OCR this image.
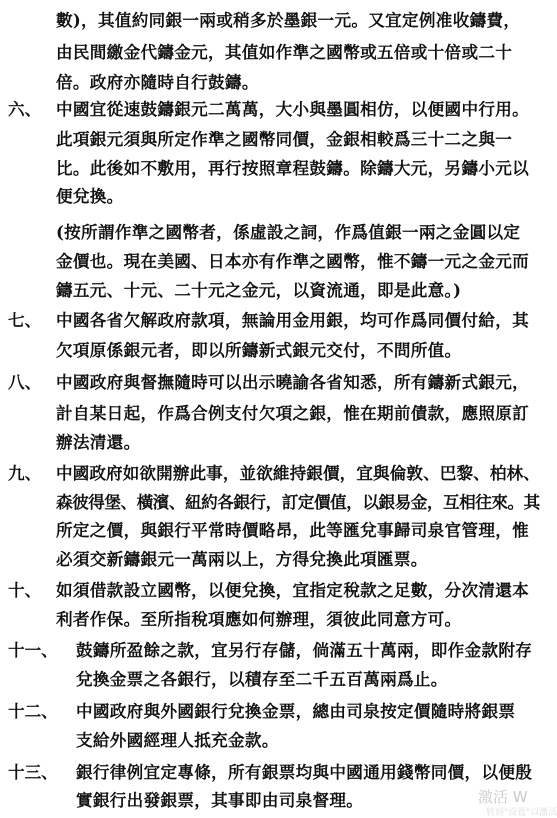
數)，其值約同銀一兩或稍多於墨銀一元。又宜定例准收鑄費，
由民間繳金代鑄金元，其值如作準之國幣或五倍或十倍或二十
倍。政府亦隨時自行鼓鑄。
六、 中國宜從速鼓鑄銀元二萬萬，大小與墨圓相仿，以便國中行用。
此項銀元須與所定作準之國幣同價，金銀相較爲三十二之與一
比。此後如不敷用，再行按照章程鼓鑄。除鑄大元，另鑄小元以
便兌換。
(按所謂作準之國幣者，係虛設之詞，作爲值銀一兩之金圓以定
金價也。現在美國、日本亦有作準之國幣，惟不鑄一元之金元而
鑄五元、十元、二十元之金元，以資流通，即是此意。)
七、 中國各省欠解政府款項，無論用金用銀，均可作爲同價付給，其
欠項原係銀元者，即以所鑄新式銀元交付，不問所值。
八、 中國政府與督撫隨時可以出示曉諭各省知悉，所有鑄新式銀元，
計自某日起，作爲合例支付欠項之銀，惟在期前債款，應照原訂
辦法清還。
九、 中國政府如欲開辦此事，並欲維持銀價，宜與倫敦、巴黎、柏林、
森彼得堡、橫濱、紐約各銀行，訂定價值，以銀易金，互相往來。其
所定之價，與銀行平常時價略昂，此等匯兌事歸司泉官管理，惟
必須交新鑄銀元一萬兩以上，方得兌換此項匯票。
十、 如須借款設立國幣，以便兌換，宜指定稅款之足數，分次清還本
利者作保。至所指稅項應如何辦理，須彼此同意方可。
十一、 鼓鑄所盈餘之款，宜另行存儲，倘滿五十萬兩，即作金款附存
兌換金票之各銀行，以積存至二千五百萬兩爲止。
十二、 中國政府與外國銀行兌換金票，總由司泉按定價隨時將銀票
支給外國經理人抵充金款。
十三、 銀行律例宜定專條，所有銀票均與中國通用錢幣同價，以便殷
實銀行出發銀票，其事即由司泉督理。	激活 W
转到"设置"以激活
